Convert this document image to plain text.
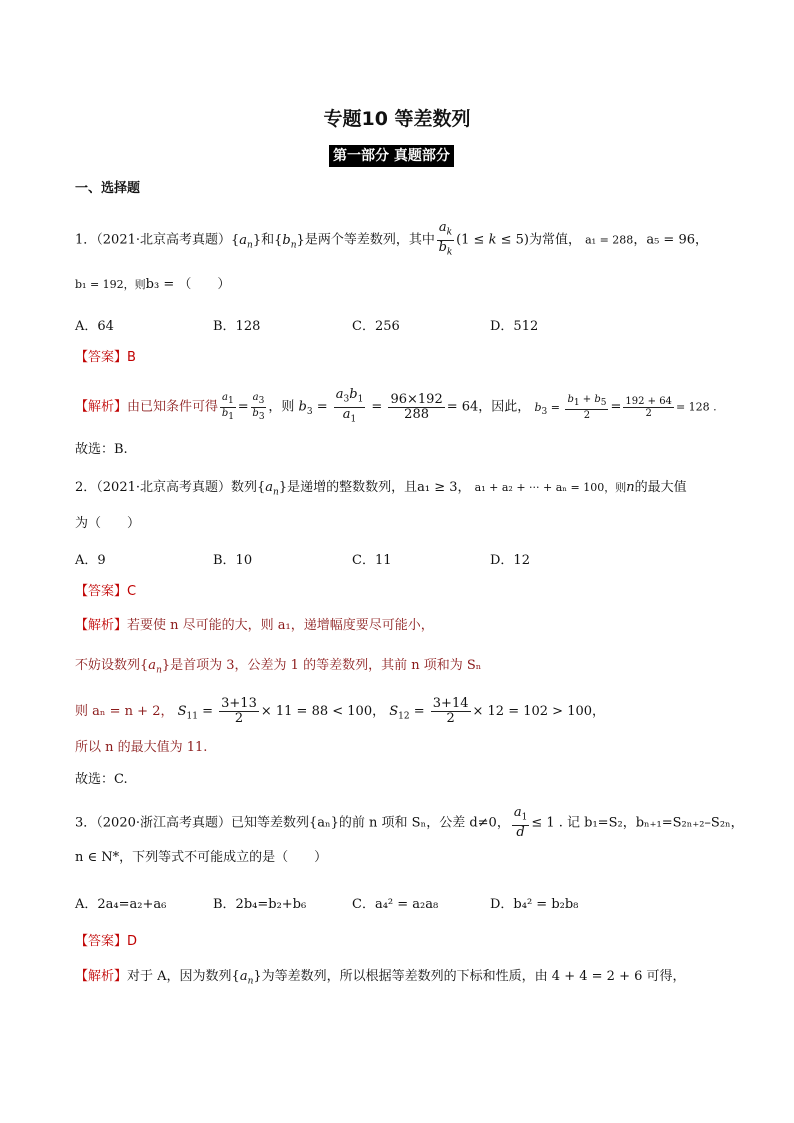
专题10 等差数列
第一部分 真题部分
一、选择题
1．（2021·北京高考真题）$\{a_n\}$和$\{b_n\}$是两个等差数列，其中 $\frac{a_k}{b_k} (1 \le k \le 5)$为常值， a₁ = 288，a₅ = 96，
b₁ = 192，则b₃ = （　　）
A．64	B．128	C．256	D．512
【答案】B
【解析】由已知条件可得 $\frac{a_1}{b_1} = \frac{a_3}{b_3}$ ，则 $b_3 = \frac{a_3b_1}{a_1} = \frac{96\times 192}{288} = 64$，因此， $b_3 = \frac{b_1 + b_5}{2} = \frac{192 + 64}{2} = 128$ .
故选：B.
2．（2021·北京高考真题）数列$\{a_n\}$是递增的整数数列，且a₁ ≥ 3， a₁ + a₂ + ··· + aₙ = 100，则n的最大值
为（　　）
A．9	B．10	C．11	D．12
【答案】C
【解析】若要使 n 尽可能的大，则 a₁，递增幅度要尽可能小，
不妨设数列$\{a_n\}$是首项为 3，公差为 1 的等差数列，其前 n 项和为 Sₙ
则 aₙ = n + 2， $S_{11} = \frac{3+13}{2} \times 11 = 88 < 100$， $S_{12} = \frac{3+14}{2} \times 12 = 102 > 100$，
所以 n 的最大值为 11.
故选：C.
3．（2020·浙江高考真题）已知等差数列{aₙ}的前 n 项和 Sₙ，公差 d≠0， $\frac{a_1}{d} \le 1$ . 记 b₁=S₂，bₙ₊₁=S₂ₙ₊₂–S₂ₙ，
n ∈ N*，下列等式不可能成立的是（　　）
A．2a₄=a₂+a₆	B．2b₄=b₂+b₆	C．a₄² = a₂a₈	D．b₄² = b₂b₈
【答案】D
【解析】对于 A，因为数列$\{a_n\}$为等差数列，所以根据等差数列的下标和性质，由 4 + 4 = 2 + 6 可得，
